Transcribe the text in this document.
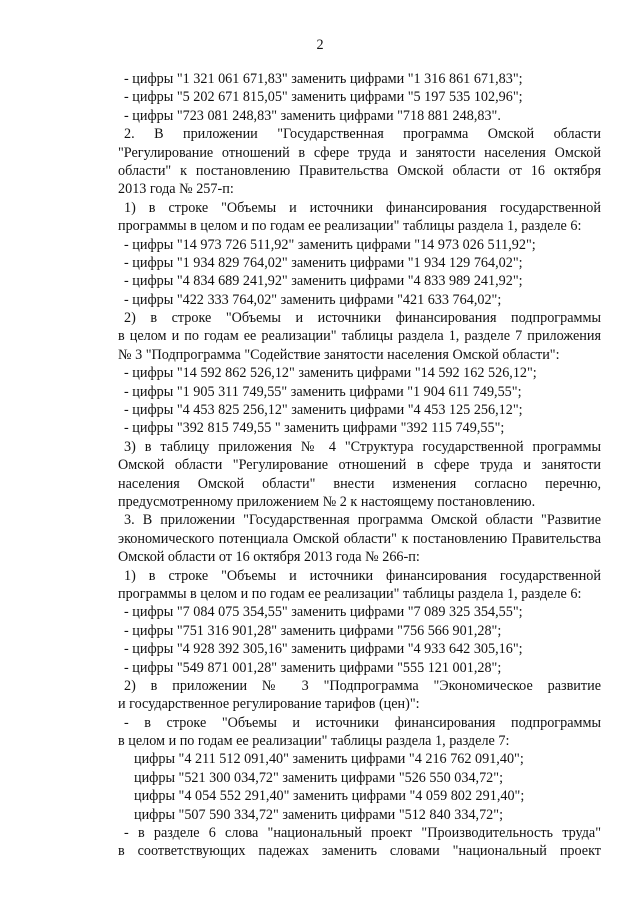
2
- цифры "1 321 061 671,83" заменить цифрами "1 316 861 671,83";
- цифры "5 202 671 815,05" заменить цифрами "5 197 535 102,96";
- цифры "723 081 248,83" заменить цифрами "718 881 248,83".
2. В приложении "Государственная программа Омской области
"Регулирование отношений в сфере труда и занятости населения Омской
области" к постановлению Правительства Омской области от 16 октября
2013 года № 257-п:
1) в строке "Объемы и источники финансирования государственной
программы в целом и по годам ее реализации" таблицы раздела 1, разделе 6:
- цифры "14 973 726 511,92" заменить цифрами "14 973 026 511,92";
- цифры "1 934 829 764,02" заменить цифрами "1 934 129 764,02";
- цифры "4 834 689 241,92" заменить цифрами "4 833 989 241,92";
- цифры "422 333 764,02" заменить цифрами "421 633 764,02";
2) в строке "Объемы и источники финансирования подпрограммы
в целом и по годам ее реализации" таблицы раздела 1, разделе 7 приложения
№ 3 "Подпрограмма "Содействие занятости населения Омской области":
- цифры "14 592 862 526,12" заменить цифрами "14 592 162 526,12";
- цифры "1 905 311 749,55" заменить цифрами "1 904 611 749,55";
- цифры "4 453 825 256,12" заменить цифрами "4 453 125 256,12";
- цифры "392 815 749,55 " заменить цифрами "392 115 749,55";
3) в таблицу приложения № 4 "Структура государственной программы
Омской области "Регулирование отношений в сфере труда и занятости
населения Омской области" внести изменения согласно перечню,
предусмотренному приложением № 2 к настоящему постановлению.
3. В приложении "Государственная программа Омской области "Развитие
экономического потенциала Омской области" к постановлению Правительства
Омской области от 16 октября 2013 года № 266-п:
1) в строке "Объемы и источники финансирования государственной
программы в целом и по годам ее реализации" таблицы раздела 1, разделе 6:
- цифры "7 084 075 354,55" заменить цифрами "7 089 325 354,55";
- цифры "751 316 901,28" заменить цифрами "756 566 901,28";
- цифры "4 928 392 305,16" заменить цифрами "4 933 642 305,16";
- цифры "549 871 001,28" заменить цифрами "555 121 001,28";
2) в приложении № 3 "Подпрограмма "Экономическое развитие
и государственное регулирование тарифов (цен)":
- в строке "Объемы и источники финансирования подпрограммы
в целом и по годам ее реализации" таблицы раздела 1, разделе 7:
цифры "4 211 512 091,40" заменить цифрами "4 216 762 091,40";
цифры "521 300 034,72" заменить цифрами "526 550 034,72";
цифры "4 054 552 291,40" заменить цифрами "4 059 802 291,40";
цифры "507 590 334,72" заменить цифрами "512 840 334,72";
- в разделе 6 слова "национальный проект "Производительность труда"
в соответствующих падежах заменить словами "национальный проект
